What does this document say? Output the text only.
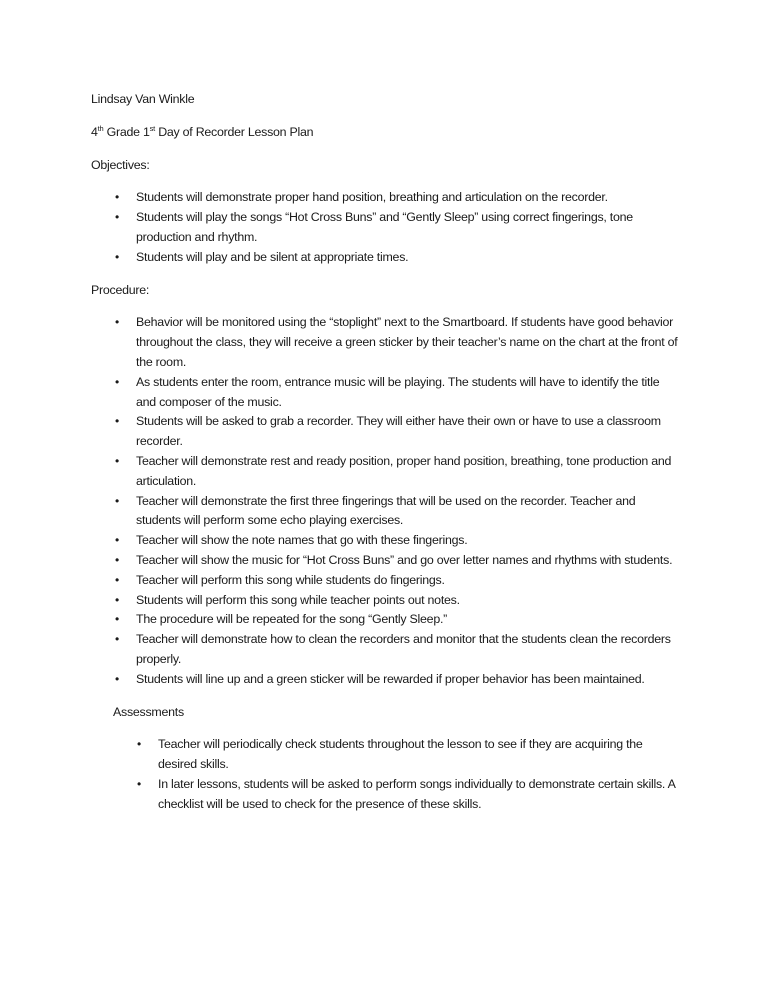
Lindsay Van Winkle

4th Grade 1st Day of Recorder Lesson Plan

Objectives:

• Students will demonstrate proper hand position, breathing and articulation on the recorder.
• Students will play the songs “Hot Cross Buns” and “Gently Sleep” using correct fingerings, tone production and rhythm.
• Students will play and be silent at appropriate times.

Procedure:

• Behavior will be monitored using the “stoplight” next to the Smartboard. If students have good behavior throughout the class, they will receive a green sticker by their teacher’s name on the chart at the front of the room.
• As students enter the room, entrance music will be playing. The students will have to identify the title and composer of the music.
• Students will be asked to grab a recorder. They will either have their own or have to use a classroom recorder.
• Teacher will demonstrate rest and ready position, proper hand position, breathing, tone production and articulation.
• Teacher will demonstrate the first three fingerings that will be used on the recorder. Teacher and students will perform some echo playing exercises.
• Teacher will show the note names that go with these fingerings.
• Teacher will show the music for “Hot Cross Buns” and go over letter names and rhythms with students.
• Teacher will perform this song while students do fingerings.
• Students will perform this song while teacher points out notes.
• The procedure will be repeated for the song “Gently Sleep.”
• Teacher will demonstrate how to clean the recorders and monitor that the students clean the recorders properly.
• Students will line up and a green sticker will be rewarded if proper behavior has been maintained.

Assessments

• Teacher will periodically check students throughout the lesson to see if they are acquiring the desired skills.
• In later lessons, students will be asked to perform songs individually to demonstrate certain skills. A checklist will be used to check for the presence of these skills.
